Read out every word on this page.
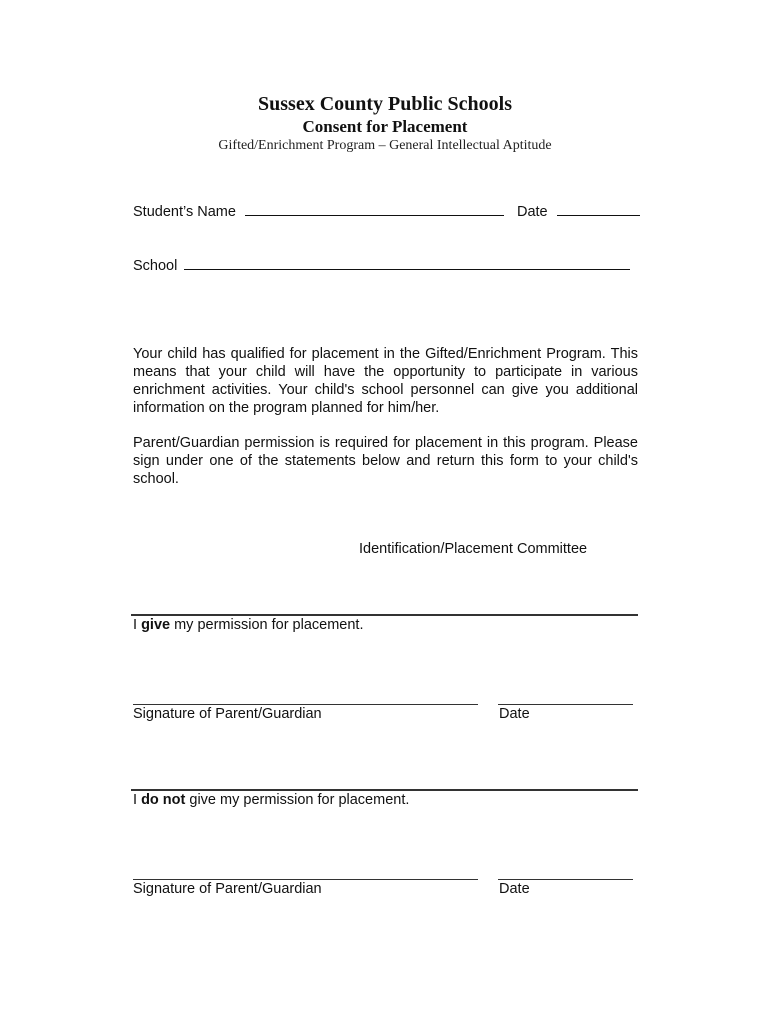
Sussex County Public Schools
Consent for Placement
Gifted/Enrichment Program – General Intellectual Aptitude
Student’s Name	Date
School
Your child has qualified for placement in the Gifted/Enrichment Program. This means that your child will have the opportunity to participate in various enrichment activities. Your child's school personnel can give you additional information on the program planned for him/her.
Parent/Guardian permission is required for placement in this program. Please sign under one of the statements below and return this form to your child's school.
Identification/Placement Committee
I give my permission for placement.
Signature of Parent/Guardian	Date
I do not give my permission for placement.
Signature of Parent/Guardian	Date
